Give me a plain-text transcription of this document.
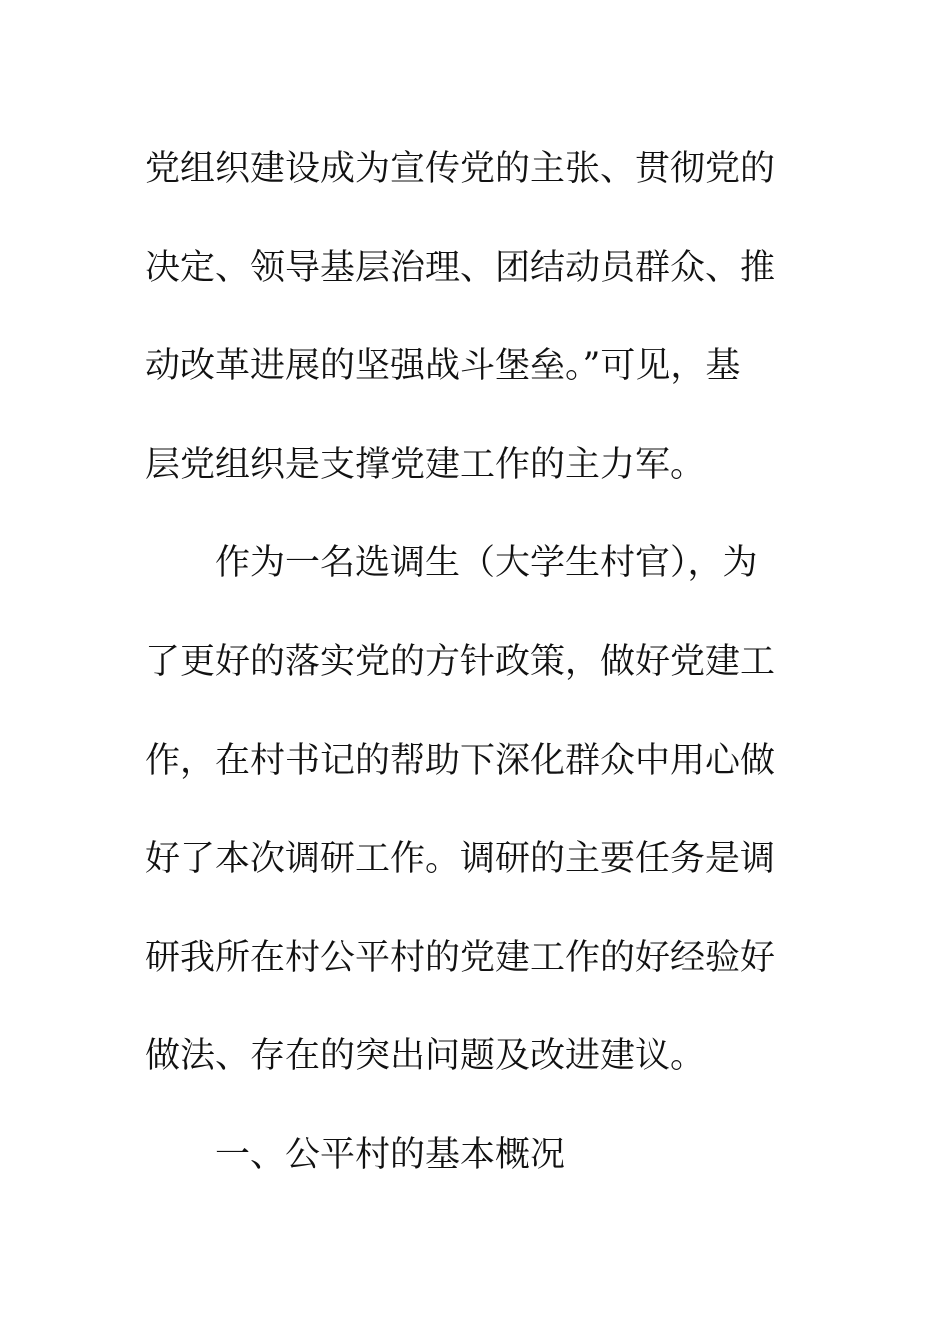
党组织建设成为宣传党的主张、贯彻党的
决定、领导基层治理、团结动员群众、推
动改革进展的坚强战斗堡垒。”可见，基
层党组织是支撑党建工作的主力军。
作为一名选调生（大学生村官），为
了更好的落实党的方针政策，做好党建工
作，在村书记的帮助下深化群众中用心做
好了本次调研工作。调研的主要任务是调
研我所在村公平村的党建工作的好经验好
做法、存在的突出问题及改进建议。
一、公平村的基本概况
